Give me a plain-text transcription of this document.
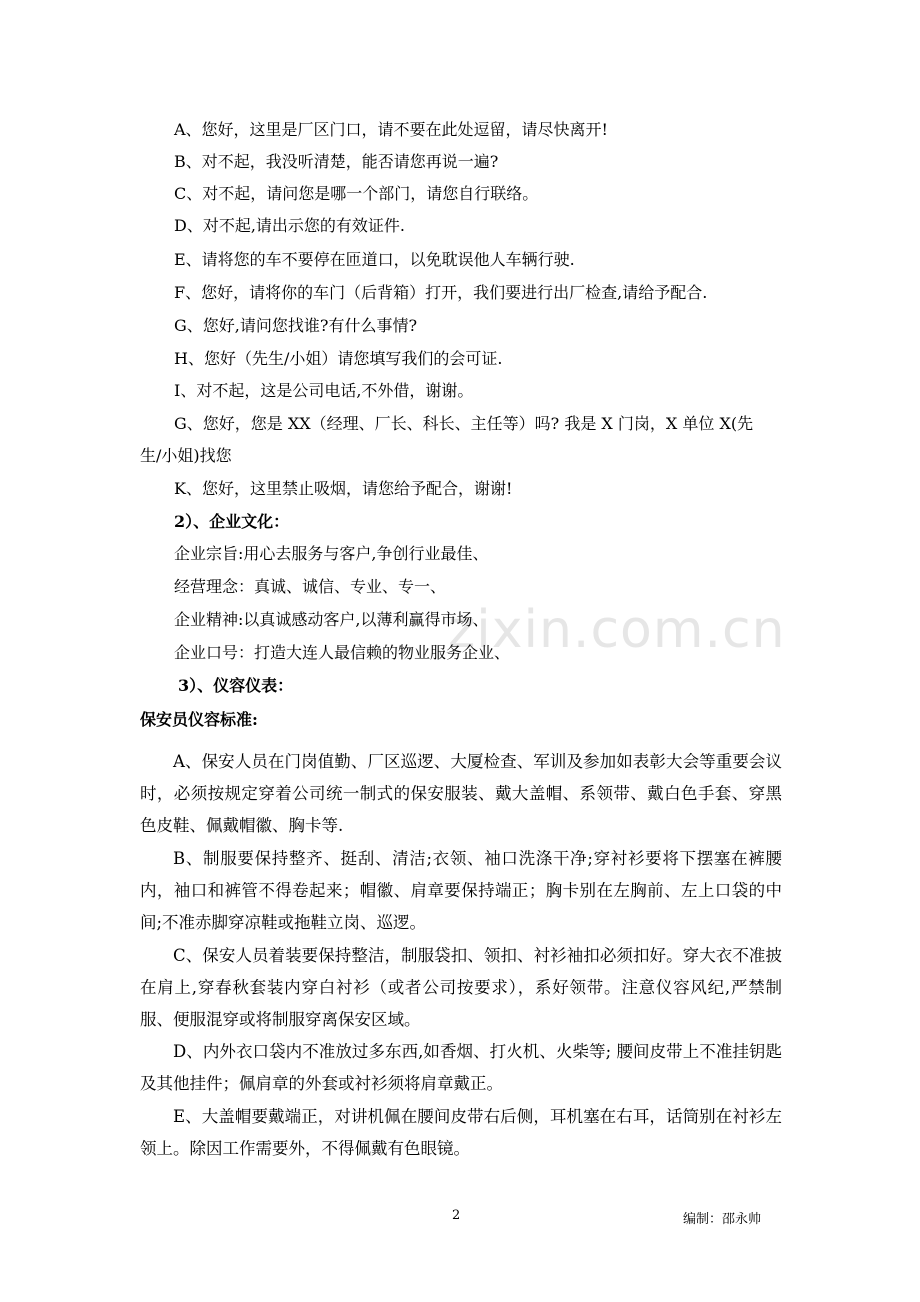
zixin.com.cn
A、您好，这里是厂区门口，请不要在此处逗留，请尽快离开!
B、对不起，我没听清楚，能否请您再说一遍?
C、对不起，请问您是哪一个部门，请您自行联络。
D、对不起,请出示您的有效证件.
E、请将您的车不要停在匝道口，以免耽误他人车辆行驶.
F、您好，请将你的车门（后背箱）打开，我们要进行出厂检查,请给予配合.
G、您好,请问您找谁?有什么事情?
H、您好（先生/小姐）请您填写我们的会可证.
I、对不起，这是公司电话,不外借，谢谢。
G、您好，您是 XX（经理、厂长、科长、主任等）吗? 我是 X 门岗，X 单位 X(先
生/小姐)找您
K、您好，这里禁止吸烟，请您给予配合，谢谢!
2）、企业文化：
企业宗旨:用心去服务与客户,争创行业最佳、
经营理念：真诚、诚信、专业、专一、
企业精神:以真诚感动客户,以薄利赢得市场、
企业口号：打造大连人最信赖的物业服务企业、
3）、仪容仪表：
保安员仪容标准:
A、保安人员在门岗值勤、厂区巡逻、大厦检查、军训及参加如表彰大会等重要会议时，必须按规定穿着公司统一制式的保安服装、戴大盖帽、系领带、戴白色手套、穿黑色皮鞋、佩戴帽徽、胸卡等.
B、制服要保持整齐、挺刮、清洁;衣领、袖口洗涤干净;穿衬衫要将下摆塞在裤腰内，袖口和裤管不得卷起来；帽徽、肩章要保持端正；胸卡别在左胸前、左上口袋的中间;不准赤脚穿凉鞋或拖鞋立岗、巡逻。
C、保安人员着装要保持整洁，制服袋扣、领扣、衬衫袖扣必须扣好。穿大衣不准披在肩上,穿春秋套装内穿白衬衫（或者公司按要求），系好领带。注意仪容风纪,严禁制服、便服混穿或将制服穿离保安区域。
D、内外衣口袋内不准放过多东西,如香烟、打火机、火柴等; 腰间皮带上不准挂钥匙及其他挂件；佩肩章的外套或衬衫须将肩章戴正。
E、大盖帽要戴端正，对讲机佩在腰间皮带右后侧，耳机塞在右耳，话筒别在衬衫左领上。除因工作需要外，不得佩戴有色眼镜。
2	编制：邵永帅
